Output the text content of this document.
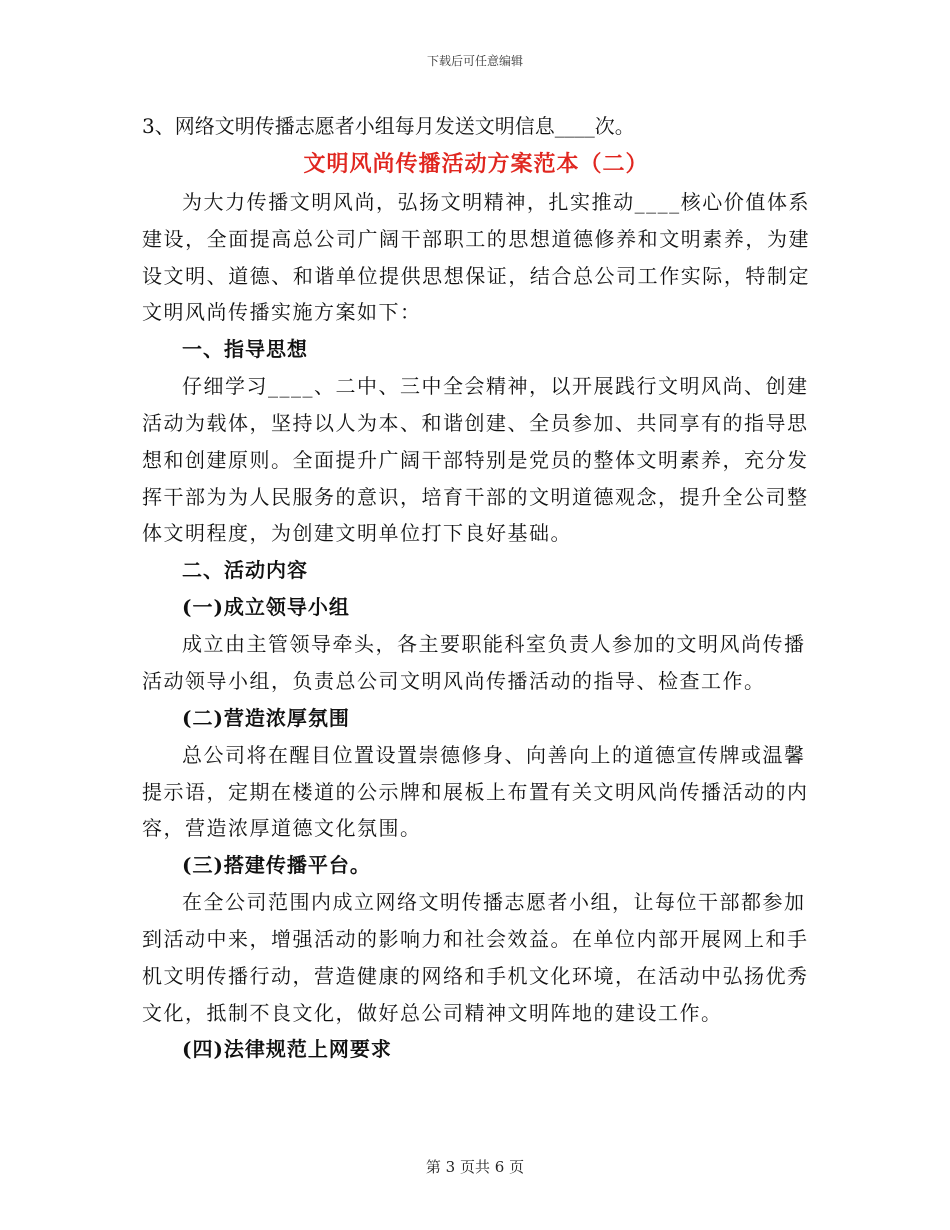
下载后可任意编辑
3、网络文明传播志愿者小组每月发送文明信息____次。
文明风尚传播活动方案范本（二）

为大力传播文明风尚，弘扬文明精神，扎实推动____核心价值体系建设，全面提高总公司广阔干部职工的思想道德修养和文明素养，为建设文明、道德、和谐单位提供思想保证，结合总公司工作实际，特制定文明风尚传播实施方案如下：

一、指导思想

仔细学习____、二中、三中全会精神，以开展践行文明风尚、创建活动为载体，坚持以人为本、和谐创建、全员参加、共同享有的指导思想和创建原则。全面提升广阔干部特别是党员的整体文明素养，充分发挥干部为为人民服务的意识，培育干部的文明道德观念，提升全公司整体文明程度，为创建文明单位打下良好基础。

二、活动内容
(一)成立领导小组

成立由主管领导牵头，各主要职能科室负责人参加的文明风尚传播活动领导小组，负责总公司文明风尚传播活动的指导、检查工作。

(二)营造浓厚氛围

总公司将在醒目位置设置崇德修身、向善向上的道德宣传牌或温馨提示语，定期在楼道的公示牌和展板上布置有关文明风尚传播活动的内容，营造浓厚道德文化氛围。

(三)搭建传播平台。

在全公司范围内成立网络文明传播志愿者小组，让每位干部都参加到活动中来，增强活动的影响力和社会效益。在单位内部开展网上和手机文明传播行动，营造健康的网络和手机文化环境，在活动中弘扬优秀文化，抵制不良文化，做好总公司精神文明阵地的建设工作。

(四)法律规范上网要求
第 3 页共 6 页
